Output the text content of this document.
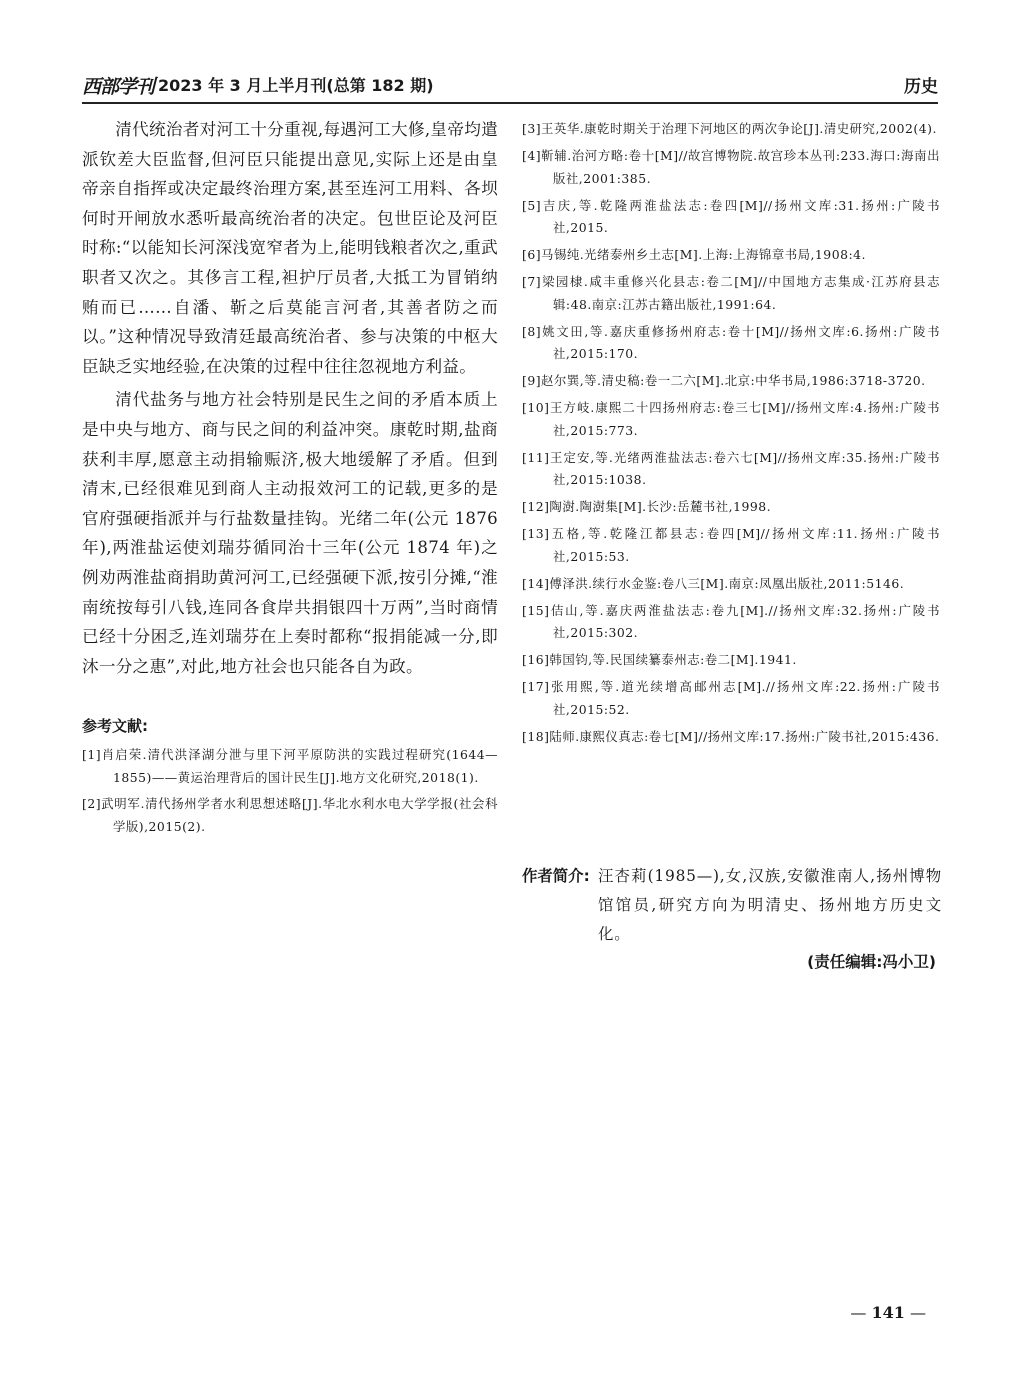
西部学刊 2023 年 3 月上半月刊(总第 182 期)	历史

清代统治者对河工十分重视,每遇河工大修,皇帝均遣派钦差大臣监督,但河臣只能提出意见,实际上还是由皇帝亲自指挥或决定最终治理方案,甚至连河工用料、各坝何时开闸放水悉听最高统治者的决定。包世臣论及河臣时称:“以能知长河深浅宽窄者为上,能明钱粮者次之,重武职者又次之。其侈言工程,袒护厅员者,大抵工为冒销纳贿而已……自潘、靳之后莫能言河者,其善者防之而以。”这种情况导致清廷最高统治者、参与决策的中枢大臣缺乏实地经验,在决策的过程中往往忽视地方利益。

清代盐务与地方社会特别是民生之间的矛盾本质上是中央与地方、商与民之间的利益冲突。康乾时期,盐商获利丰厚,愿意主动捐输赈济,极大地缓解了矛盾。但到清末,已经很难见到商人主动报效河工的记载,更多的是官府强硬指派并与行盐数量挂钩。光绪二年(公元 1876 年),两淮盐运使刘瑞芬循同治十三年(公元 1874 年)之例劝两淮盐商捐助黄河河工,已经强硬下派,按引分摊,“淮南统按每引八钱,连同各食岸共捐银四十万两”,当时商情已经十分困乏,连刘瑞芬在上奏时都称“报捐能减一分,即沐一分之惠”,对此,地方社会也只能各自为政。

参考文献:

[1]肖启荣.清代洪泽湖分泄与里下河平原防洪的实践过程研究(1644—1855)——黄运治理背后的国计民生[J].地方文化研究,2018(1).

[2]武明军.清代扬州学者水利思想述略[J].华北水利水电大学学报(社会科学版),2015(2).

[3]王英华.康乾时期关于治理下河地区的两次争论[J].清史研究,2002(4).

[4]靳辅.治河方略:卷十[M]//故宫博物院.故宫珍本丛刊:233.海口:海南出版社,2001:385.

[5]吉庆,等.乾隆两淮盐法志:卷四[M]//扬州文库:31.扬州:广陵书社,2015.

[6]马锡纯.光绪泰州乡土志[M].上海:上海锦章书局,1908:4.

[7]梁园棣.咸丰重修兴化县志:卷二[M]//中国地方志集成·江苏府县志辑:48.南京:江苏古籍出版社,1991:64.

[8]姚文田,等.嘉庆重修扬州府志:卷十[M]//扬州文库:6.扬州:广陵书社,2015:170.

[9]赵尔巽,等.清史稿:卷一二六[M].北京:中华书局,1986:3718-3720.

[10]王方岐.康熙二十四扬州府志:卷三七[M]//扬州文库:4.扬州:广陵书社,2015:773.

[11]王定安,等.光绪两淮盐法志:卷六七[M]//扬州文库:35.扬州:广陵书社,2015:1038.

[12]陶澍.陶澍集[M].长沙:岳麓书社,1998.

[13]五格,等.乾隆江都县志:卷四[M]//扬州文库:11.扬州:广陵书社,2015:53.

[14]傅泽洪.续行水金鉴:卷八三[M].南京:凤凰出版社,2011:5146.

[15]佶山,等.嘉庆两淮盐法志:卷九[M].//扬州文库:32.扬州:广陵书社,2015:302.

[16]韩国钧,等.民国续纂泰州志:卷二[M].1941.

[17]张用熙,等.道光续增高邮州志[M].//扬州文库:22.扬州:广陵书社,2015:52.

[18]陆师.康熙仪真志:卷七[M]//扬州文库:17.扬州:广陵书社,2015:436.

作者简介: 汪杏莉(1985—),女,汉族,安徽淮南人,扬州博物馆馆员,研究方向为明清史、扬州地方历史文化。
(责任编辑:冯小卫)
— 141 —
